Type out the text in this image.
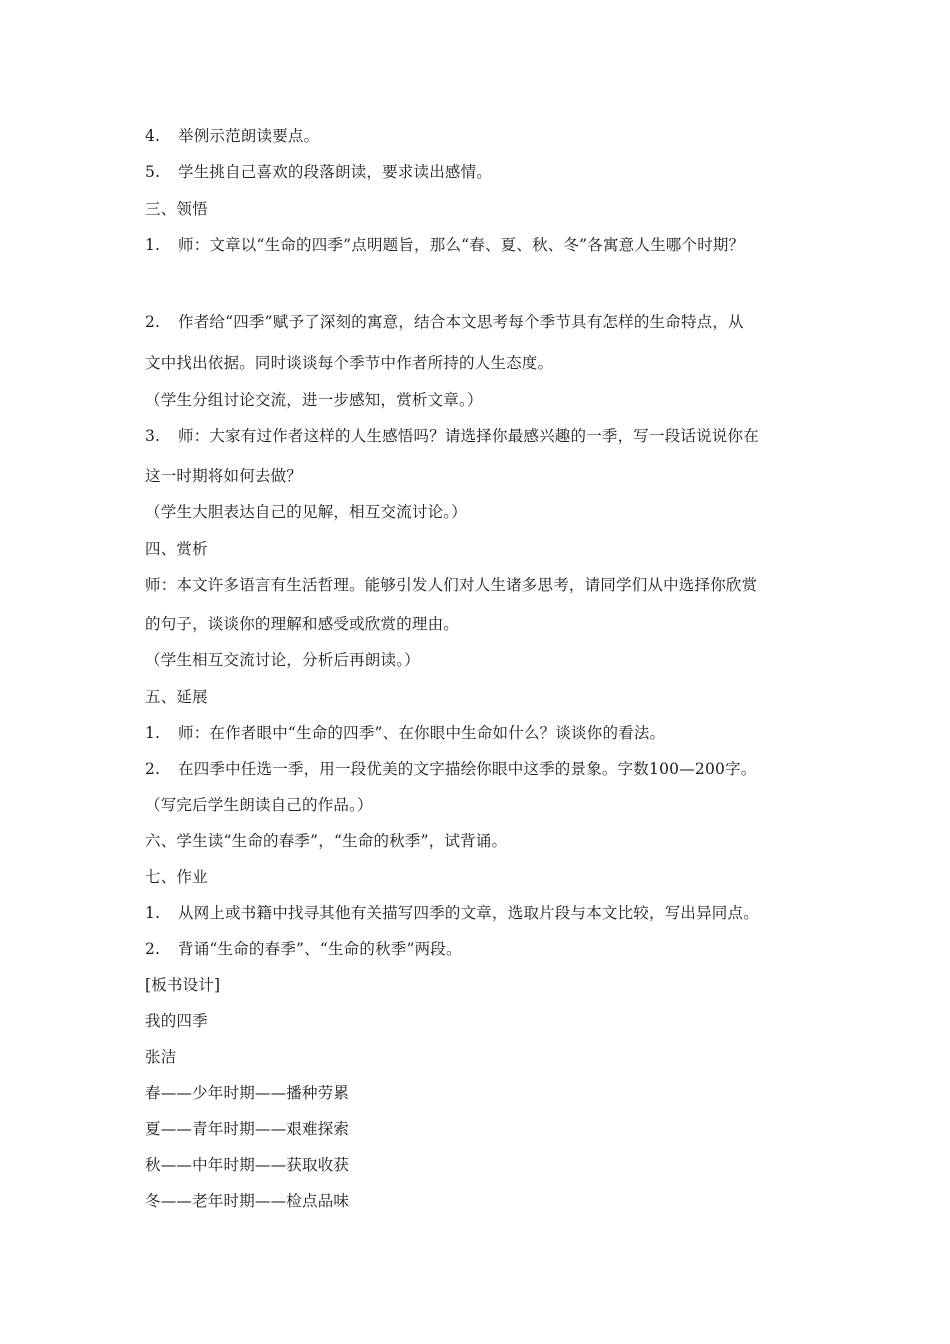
4. 举例示范朗读要点。
5. 学生挑自己喜欢的段落朗读，要求读出感情。
三、领悟
1. 师：文章以“生命的四季”点明题旨，那么“春、夏、秋、冬”各寓意人生哪个时期？
2. 作者给“四季”赋予了深刻的寓意，结合本文思考每个季节具有怎样的生命特点，从
文中找出依据。同时谈谈每个季节中作者所持的人生态度。
（学生分组讨论交流，进一步感知，赏析文章。）
3. 师：大家有过作者这样的人生感悟吗？请选择你最感兴趣的一季，写一段话说说你在
这一时期将如何去做？
（学生大胆表达自己的见解，相互交流讨论。）
四、赏析
师：本文许多语言有生活哲理。能够引发人们对人生诸多思考，请同学们从中选择你欣赏
的句子，谈谈你的理解和感受或欣赏的理由。
（学生相互交流讨论，分析后再朗读。）
五、延展
1. 师：在作者眼中“生命的四季”、在你眼中生命如什么？谈谈你的看法。
2. 在四季中任选一季，用一段优美的文字描绘你眼中这季的景象。字数100—200字。
（写完后学生朗读自己的作品。）
六、学生读“生命的春季”，“生命的秋季”，试背诵。
七、作业
1. 从网上或书籍中找寻其他有关描写四季的文章，选取片段与本文比较，写出异同点。
2. 背诵“生命的春季”、“生命的秋季”两段。
[板书设计]
我的四季
张洁
春——少年时期——播种劳累
夏——青年时期——艰难探索
秋——中年时期——获取收获
冬——老年时期——检点品味
